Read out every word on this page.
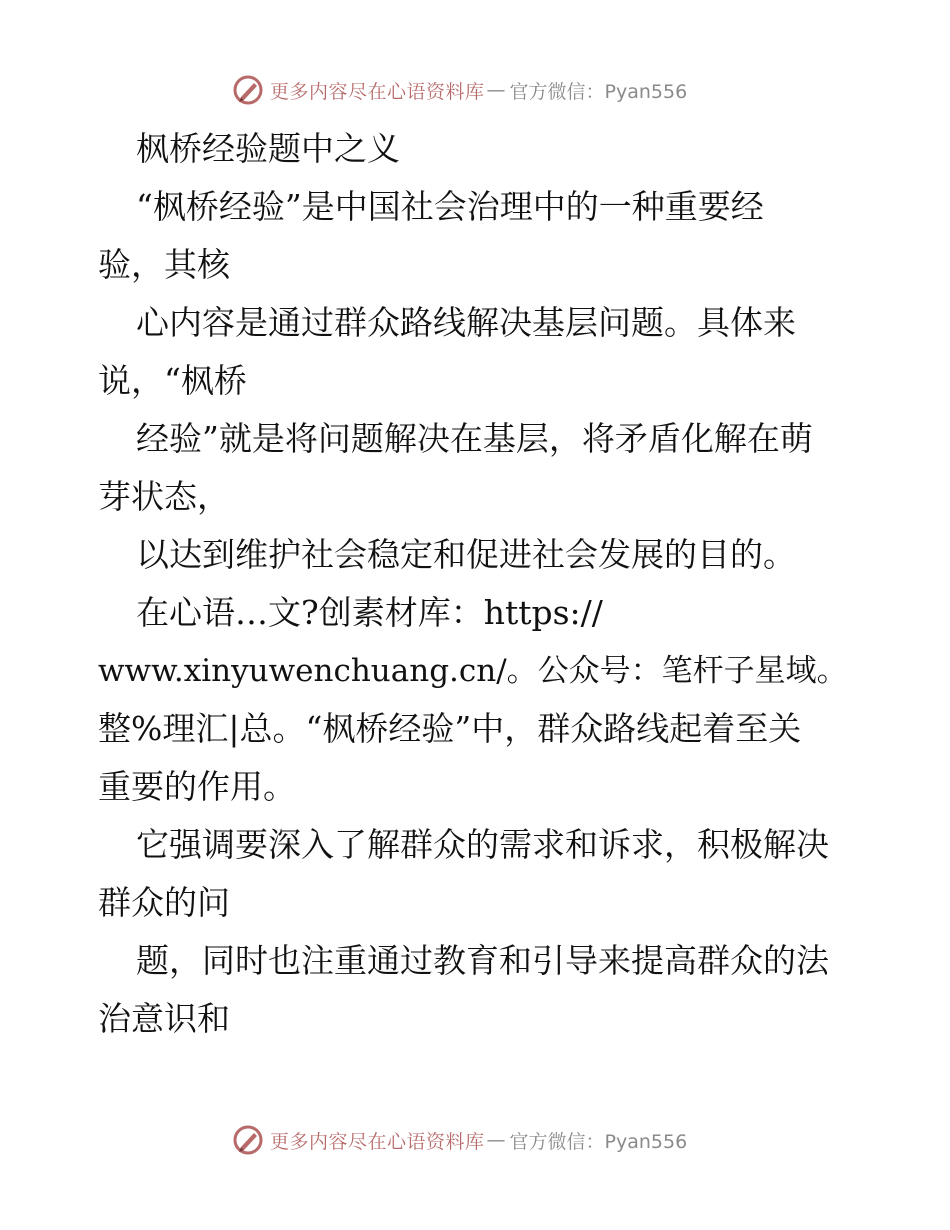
更多内容尽在心语资料库 — 官方微信：Pyan556
枫桥经验题中之义
“枫桥经验”是中国社会治理中的一种重要经
验，其核
心内容是通过群众路线解决基层问题。具体来
说，“枫桥
经验”就是将问题解决在基层，将矛盾化解在萌
芽状态，
以达到维护社会稳定和促进社会发展的目的。
在心语…文?创素材库：https://
www.xinyuwenchuang.cn/。公众号：笔杆子星域。
整%理汇|总。“枫桥经验”中，群众路线起着至关
重要的作用。
它强调要深入了解群众的需求和诉求，积极解决
群众的问
题，同时也注重通过教育和引导来提高群众的法
治意识和
更多内容尽在心语资料库 — 官方微信：Pyan556
